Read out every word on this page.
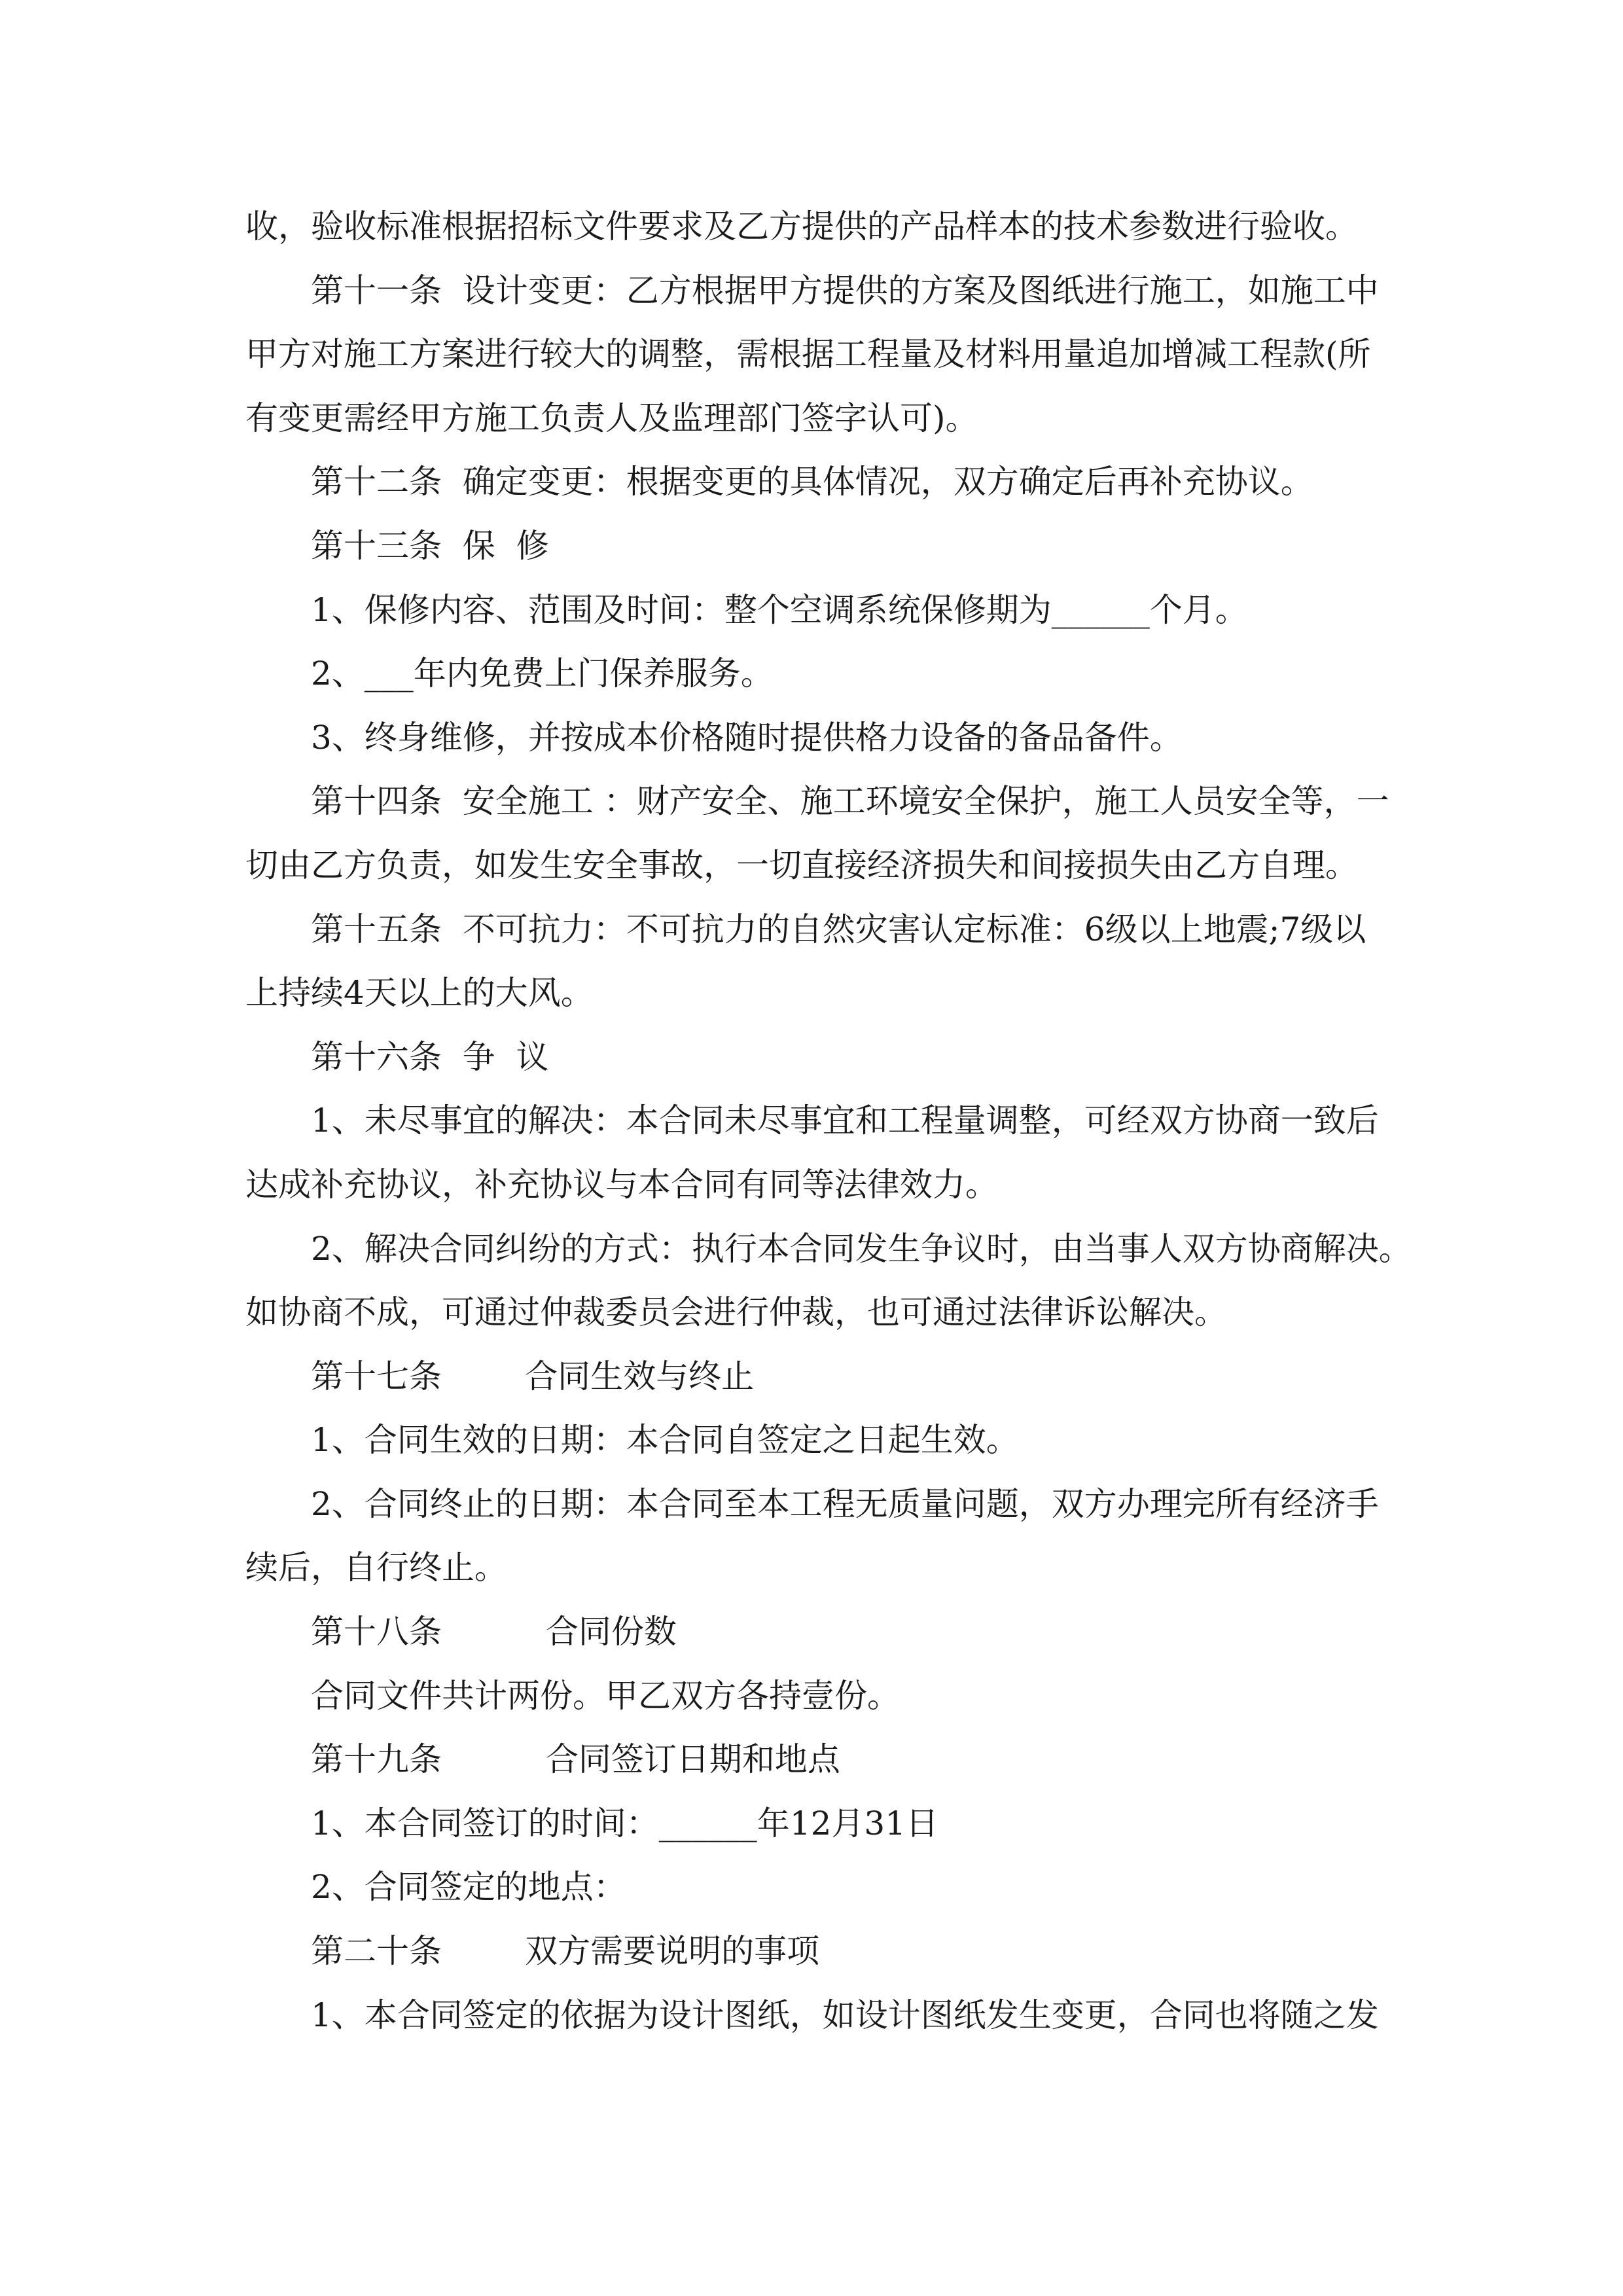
收，验收标准根据招标文件要求及乙方提供的产品样本的技术参数进行验收。
第十一条  设计变更：乙方根据甲方提供的方案及图纸进行施工，如施工中
甲方对施工方案进行较大的调整，需根据工程量及材料用量追加增减工程款(所
有变更需经甲方施工负责人及监理部门签字认可)。
第十二条  确定变更：根据变更的具体情况，双方确定后再补充协议。
第十三条  保  修
1、保修内容、范围及时间：整个空调系统保修期为______个月。
2、___年内免费上门保养服务。
3、终身维修，并按成本价格随时提供格力设备的备品备件。
第十四条  安全施工 ：财产安全、施工环境安全保护，施工人员安全等，一
切由乙方负责，如发生安全事故，一切直接经济损失和间接损失由乙方自理。
第十五条  不可抗力：不可抗力的自然灾害认定标准：6级以上地震;7级以
上持续4天以上的大风。
第十六条  争  议
1、未尽事宜的解决：本合同未尽事宜和工程量调整，可经双方协商一致后
达成补充协议，补充协议与本合同有同等法律效力。
2、解决合同纠纷的方式：执行本合同发生争议时，由当事人双方协商解决。
如协商不成，可通过仲裁委员会进行仲裁，也可通过法律诉讼解决。
第十七条        合同生效与终止
1、合同生效的日期：本合同自签定之日起生效。
2、合同终止的日期：本合同至本工程无质量问题，双方办理完所有经济手
续后，自行终止。
第十八条          合同份数
合同文件共计两份。甲乙双方各持壹份。
第十九条          合同签订日期和地点
1、本合同签订的时间：______年12月31日
2、合同签定的地点：
第二十条        双方需要说明的事项
1、本合同签定的依据为设计图纸，如设计图纸发生变更，合同也将随之发
